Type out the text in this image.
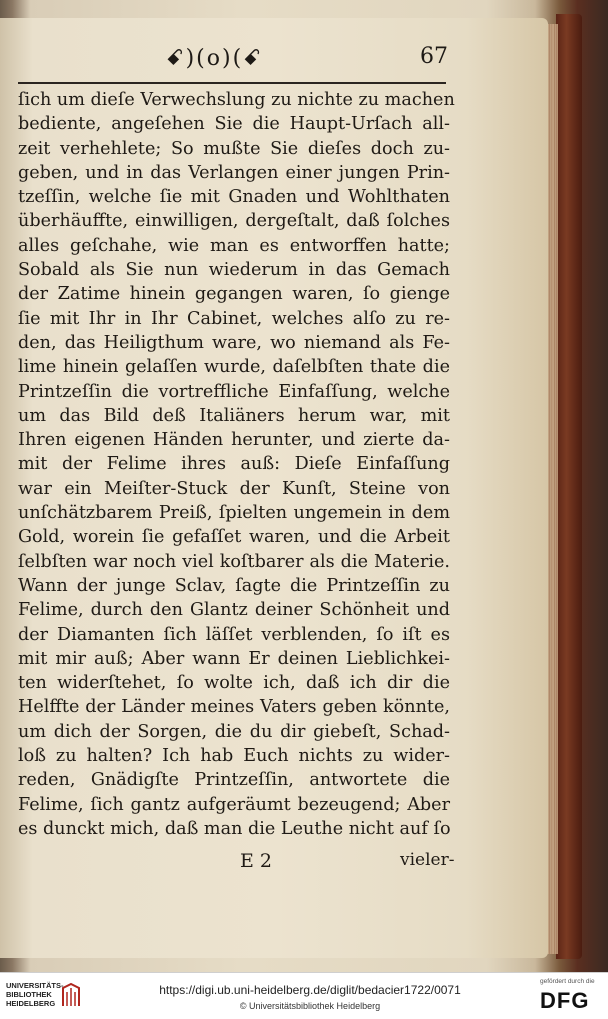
ꗃ)(o)(ꗃ	67
ſich um dieſe Verwechslung zu nichte zu machen
bediente, angeſehen Sie die Haupt-Urſach all-
zeit verhehlete; So mußte Sie dieſes doch zu-
geben, und in das Verlangen einer jungen Prin-
tzeſſin, welche ſie mit Gnaden und Wohlthaten
überhäuffte, einwilligen, dergeſtalt, daß ſolches
alles geſchahe, wie man es entworffen hatte;
Sobald als Sie nun wiederum in das Gemach
der Zatime hinein gegangen waren, ſo gienge
ſie mit Ihr in Ihr Cabinet, welches alſo zu re-
den, das Heiligthum ware, wo niemand als Fe-
lime hinein gelaſſen wurde, daſelbſten thate die
Printzeſſin die vortreffliche Einfaſſung, welche
um das Bild deß Italiäners herum war, mit
Ihren eigenen Händen herunter, und zierte da-
mit der Felime ihres auß: Dieſe Einfaſſung
war ein Meiſter-Stuck der Kunſt, Steine von
unſchätzbarem Preiß, ſpielten ungemein in dem
Gold, worein ſie gefaſſet waren, und die Arbeit
ſelbſten war noch viel koſtbarer als die Materie.
Wann der junge Sclav, ſagte die Printzeſſin zu
Felime, durch den Glantz deiner Schönheit und
der Diamanten ſich läſſet verblenden, ſo iſt es
mit mir auß; Aber wann Er deinen Lieblichkei-
ten widerſtehet, ſo wolte ich, daß ich dir die
Helffte der Länder meines Vaters geben könnte,
um dich der Sorgen, die du dir giebeſt, Schad-
loß zu halten? Ich hab Euch nichts zu wider-
reden, Gnädigſte Printzeſſin, antwortete die
Felime, ſich gantz aufgeräumt bezeugend; Aber
es dunckt mich, daß man die Leuthe nicht auf ſo
E 2	vieler-
UNIVERSITÄTS-
BIBLIOTHEK
HEIDELBERG
https://digi.ub.uni-heidelberg.de/diglit/bedacier1722/0071
© Universitätsbibliothek Heidelberg
gefördert durch die
DFG
